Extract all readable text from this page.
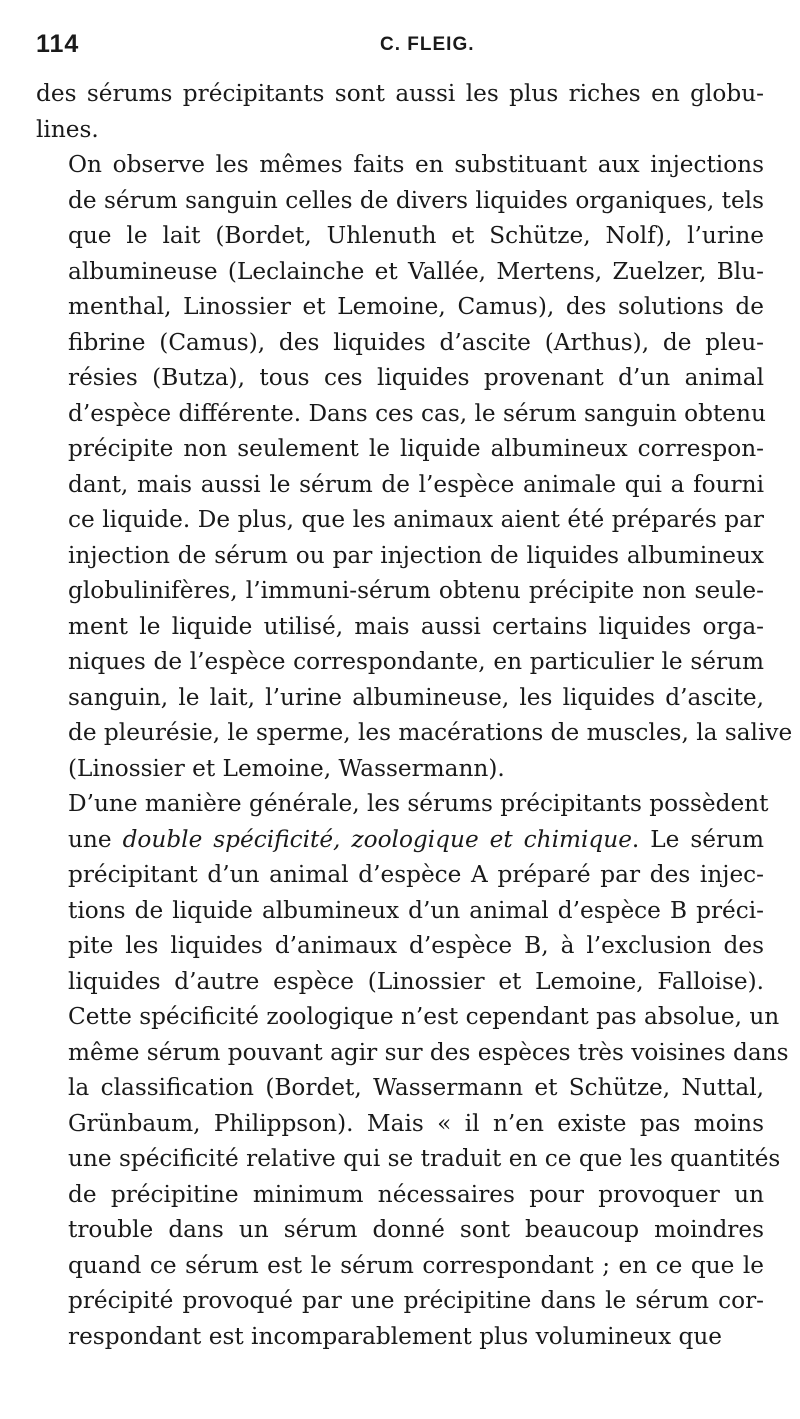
114	C. FLEIG.

des sérums précipitants sont aussi les plus riches en globu-
lines.

On observe les mêmes faits en substituant aux injections
de sérum sanguin celles de divers liquides organiques, tels
que le lait (Bordet, Uhlenuth et Schütze, Nolf), l’urine
albumineuse (Leclainche et Vallée, Mertens, Zuelzer, Blu-
menthal, Linossier et Lemoine, Camus), des solutions de
fibrine (Camus), des liquides d’ascite (Arthus), de pleu-
résies (Butza), tous ces liquides provenant d’un animal
d’espèce différente. Dans ces cas, le sérum sanguin obtenu
précipite non seulement le liquide albumineux correspon-
dant, mais aussi le sérum de l’espèce animale qui a fourni
ce liquide. De plus, que les animaux aient été préparés par
injection de sérum ou par injection de liquides albumineux
globulinifères, l’immuni-sérum obtenu précipite non seule-
ment le liquide utilisé, mais aussi certains liquides orga-
niques de l’espèce correspondante, en particulier le sérum
sanguin, le lait, l’urine albumineuse, les liquides d’ascite,
de pleurésie, le sperme, les macérations de muscles, la salive
(Linossier et Lemoine, Wassermann).

D’une manière générale, les sérums précipitants possèdent
une double spécificité, zoologique et chimique. Le sérum
précipitant d’un animal d’espèce A préparé par des injec-
tions de liquide albumineux d’un animal d’espèce B préci-
pite les liquides d’animaux d’espèce B, à l’exclusion des
liquides d’autre espèce (Linossier et Lemoine, Falloise).
Cette spécificité zoologique n’est cependant pas absolue, un
même sérum pouvant agir sur des espèces très voisines dans
la classification (Bordet, Wassermann et Schütze, Nuttal,
Grünbaum, Philippson). Mais « il n’en existe pas moins
une spécificité relative qui se traduit en ce que les quantités
de précipitine minimum nécessaires pour provoquer un
trouble dans un sérum donné sont beaucoup moindres
quand ce sérum est le sérum correspondant ; en ce que le
précipité provoqué par une précipitine dans le sérum cor-
respondant est incomparablement plus volumineux que
